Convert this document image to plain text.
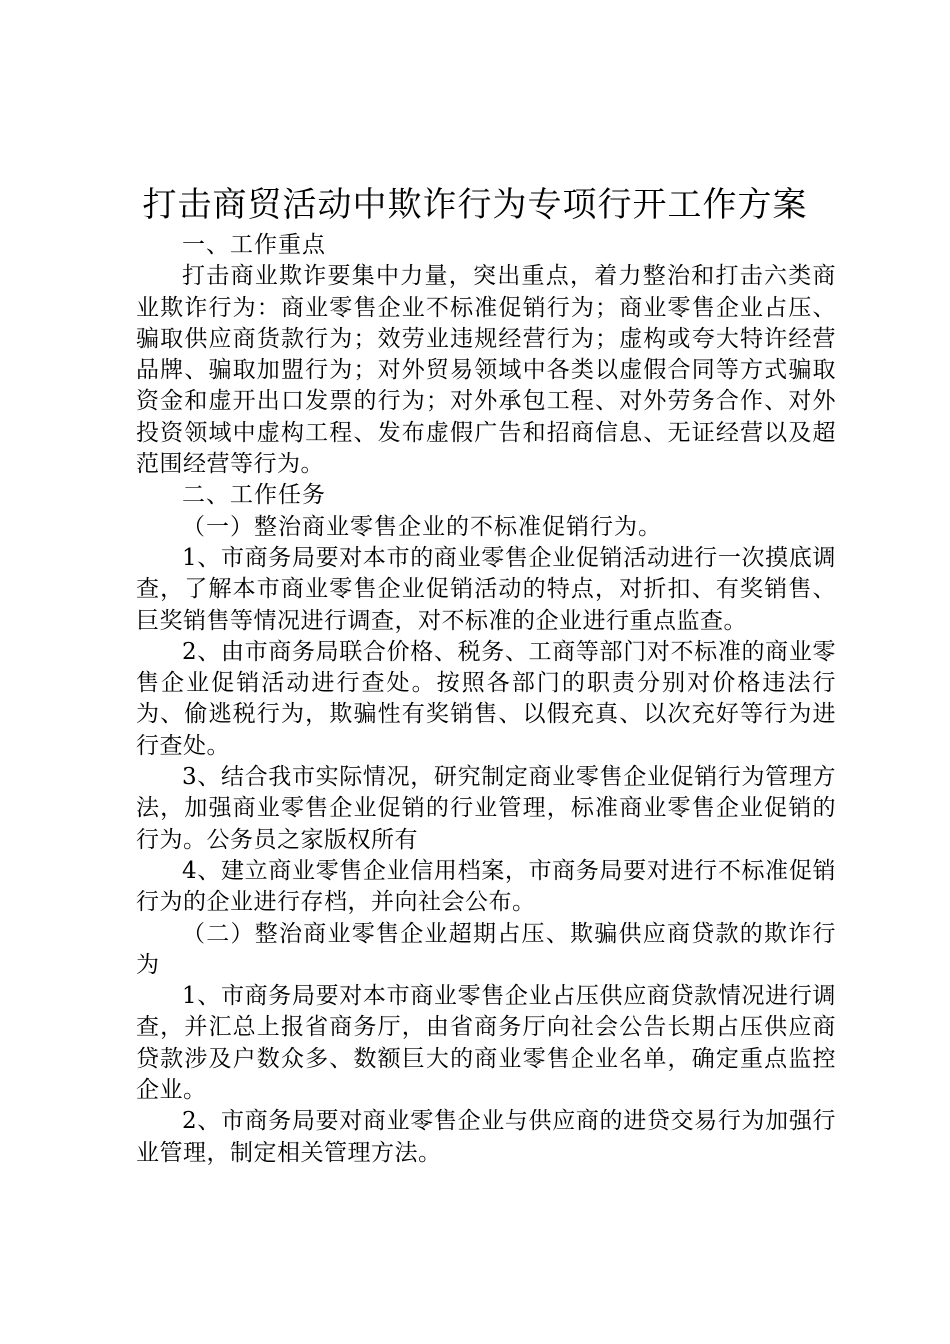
打击商贸活动中欺诈行为专项行开工作方案

一、工作重点

打击商业欺诈要集中力量，突出重点，着力整治和打击六类商业欺诈行为：商业零售企业不标准促销行为；商业零售企业占压、骗取供应商货款行为；效劳业违规经营行为；虚构或夸大特许经营品牌、骗取加盟行为；对外贸易领域中各类以虚假合同等方式骗取资金和虚开出口发票的行为；对外承包工程、对外劳务合作、对外投资领域中虚构工程、发布虚假广告和招商信息、无证经营以及超范围经营等行为。

二、工作任务

（一）整治商业零售企业的不标准促销行为。

1、市商务局要对本市的商业零售企业促销活动进行一次摸底调查，了解本市商业零售企业促销活动的特点，对折扣、有奖销售、巨奖销售等情况进行调查，对不标准的企业进行重点监查。

2、由市商务局联合价格、税务、工商等部门对不标准的商业零售企业促销活动进行查处。按照各部门的职责分别对价格违法行为、偷逃税行为，欺骗性有奖销售、以假充真、以次充好等行为进行查处。

3、结合我市实际情况，研究制定商业零售企业促销行为管理方法，加强商业零售企业促销的行业管理，标准商业零售企业促销的行为。公务员之家版权所有

4、建立商业零售企业信用档案，市商务局要对进行不标准促销行为的企业进行存档，并向社会公布。

（二）整治商业零售企业超期占压、欺骗供应商贷款的欺诈行为

1、市商务局要对本市商业零售企业占压供应商贷款情况进行调查，并汇总上报省商务厅，由省商务厅向社会公告长期占压供应商贷款涉及户数众多、数额巨大的商业零售企业名单，确定重点监控企业。

2、市商务局要对商业零售企业与供应商的进贷交易行为加强行业管理，制定相关管理方法。
